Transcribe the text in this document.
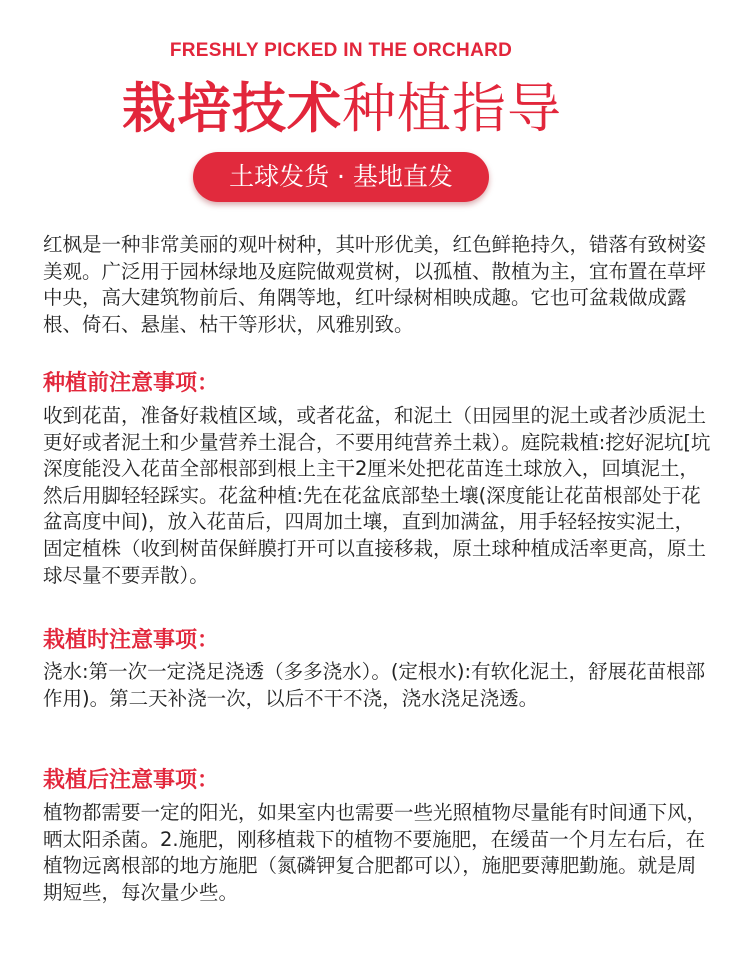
FRESHLY PICKED IN THE ORCHARD
栽培技术种植指导
土球发货 · 基地直发

红枫是一种非常美丽的观叶树种，其叶形优美，红色鲜艳持久，错落有致树姿美观。广泛用于园林绿地及庭院做观赏树，以孤植、散植为主，宜布置在草坪中央，高大建筑物前后、角隅等地，红叶绿树相映成趣。它也可盆栽做成露根、倚石、悬崖、枯干等形状，风雅别致。

种植前注意事项：

收到花苗，准备好栽植区域，或者花盆，和泥土（田园里的泥土或者沙质泥土更好或者泥土和少量营养土混合，不要用纯营养土栽）。庭院栽植:挖好泥坑[坑深度能没入花苗全部根部到根上主干2厘米处把花苗连土球放入，回填泥土，然后用脚轻轻踩实。花盆种植:先在花盆底部垫土壤(深度能让花苗根部处于花盆高度中间)，放入花苗后，四周加土壤，直到加满盆，用手轻轻按实泥土，固定植株（收到树苗保鲜膜打开可以直接移栽，原土球种植成活率更高，原土球尽量不要弄散）。

栽植时注意事项：

浇水:第一次一定浇足浇透（多多浇水）。(定根水):有软化泥土，舒展花苗根部作用)。第二天补浇一次，以后不干不浇，浇水浇足浇透。

栽植后注意事项：

植物都需要一定的阳光，如果室内也需要一些光照植物尽量能有时间通下风，晒太阳杀菌。2.施肥，刚移植栽下的植物不要施肥，在缓苗一个月左右后，在植物远离根部的地方施肥（氮磷钾复合肥都可以），施肥要薄肥勤施。就是周期短些，每次量少些。
